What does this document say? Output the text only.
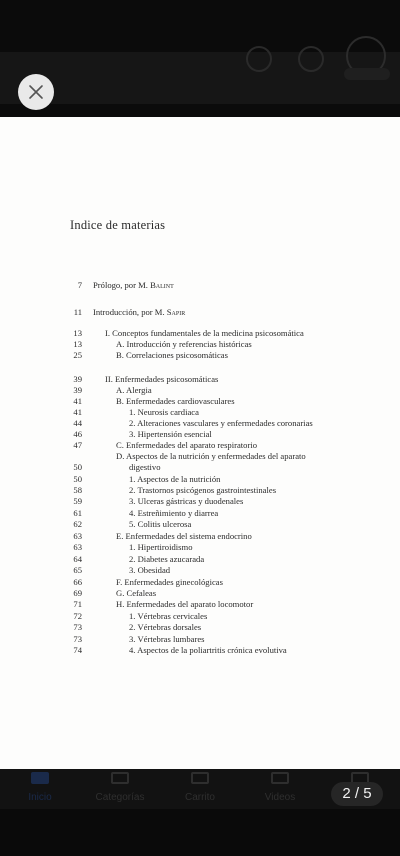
Indice de materias
7 Prólogo, por M. Balint
11 Introducción, por M. Sapir
13	I. Conceptos fundamentales de la medicina psicosomática
13	A. Introducción y referencias históricas
25	B. Correlaciones psicosomáticas
39	II. Enfermedades psicosomáticas
39	A. Alergia
41	B. Enfermedades cardiovasculares
41	1. Neurosis cardiaca
44	2. Alteraciones vasculares y enfermedades coronarias
46	3. Hipertensión esencial
47	C. Enfermedades del aparato respiratorio
D. Aspectos de la nutrición y enfermedades del aparato
50	digestivo
50	1. Aspectos de la nutrición
58	2. Trastornos psicógenos gastrointestinales
59	3. Ulceras gástricas y duodenales
61	4. Estreñimiento y diarrea
62	5. Colitis ulcerosa
63	E. Enfermedades del sistema endocrino
63	1. Hipertiroidismo
64	2. Diabetes azucarada
65	3. Obesidad
66	F. Enfermedades ginecológicas
69	G. Cefaleas
71	H. Enfermedades del aparato locomotor
72	1. Vértebras cervicales
73	2. Vértebras dorsales
73	3. Vértebras lumbares
74	4. Aspectos de la poliartritis crónica evolutiva
Inicio	Categorías	Carrito	Videos	2 / 5
